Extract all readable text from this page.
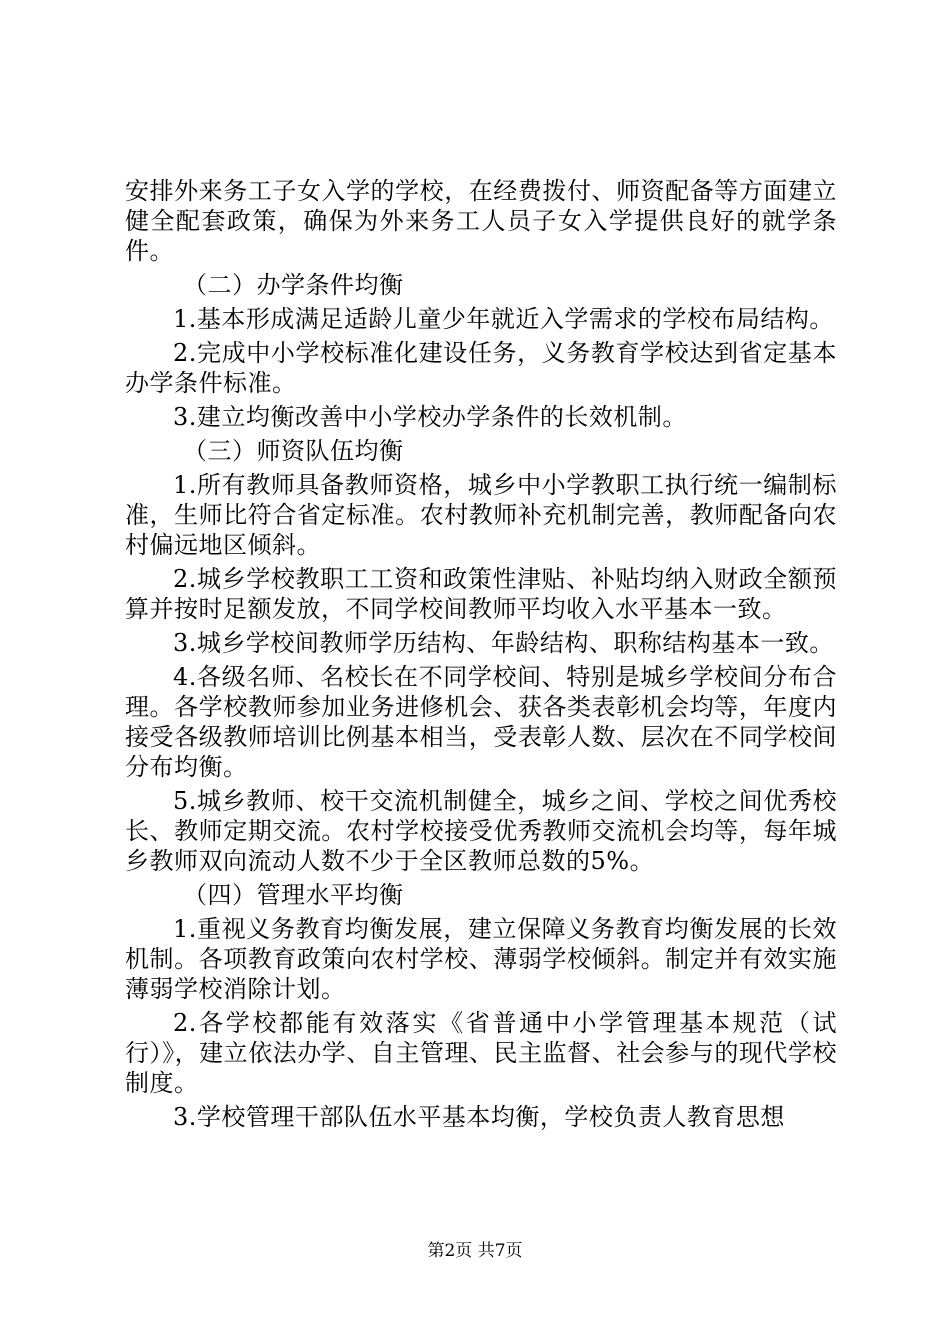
安排外来务工子女入学的学校，在经费拨付、师资配备等方面建立健全配套政策，确保为外来务工人员子女入学提供良好的就学条件。

（二）办学条件均衡

1.基本形成满足适龄儿童少年就近入学需求的学校布局结构。

2.完成中小学校标准化建设任务，义务教育学校达到省定基本办学条件标准。

3.建立均衡改善中小学校办学条件的长效机制。

（三）师资队伍均衡

1.所有教师具备教师资格，城乡中小学教职工执行统一编制标准，生师比符合省定标准。农村教师补充机制完善，教师配备向农村偏远地区倾斜。

2.城乡学校教职工工资和政策性津贴、补贴均纳入财政全额预算并按时足额发放，不同学校间教师平均收入水平基本一致。

3.城乡学校间教师学历结构、年龄结构、职称结构基本一致。

4.各级名师、名校长在不同学校间、特别是城乡学校间分布合理。各学校教师参加业务进修机会、获各类表彰机会均等，年度内接受各级教师培训比例基本相当，受表彰人数、层次在不同学校间分布均衡。

5.城乡教师、校干交流机制健全，城乡之间、学校之间优秀校长、教师定期交流。农村学校接受优秀教师交流机会均等，每年城乡教师双向流动人数不少于全区教师总数的5%。

（四）管理水平均衡

1.重视义务教育均衡发展，建立保障义务教育均衡发展的长效机制。各项教育政策向农村学校、薄弱学校倾斜。制定并有效实施薄弱学校消除计划。

2.各学校都能有效落实《省普通中小学管理基本规范（试行）》，建立依法办学、自主管理、民主监督、社会参与的现代学校制度。

3.学校管理干部队伍水平基本均衡，学校负责人教育思想

第2页 共7页
